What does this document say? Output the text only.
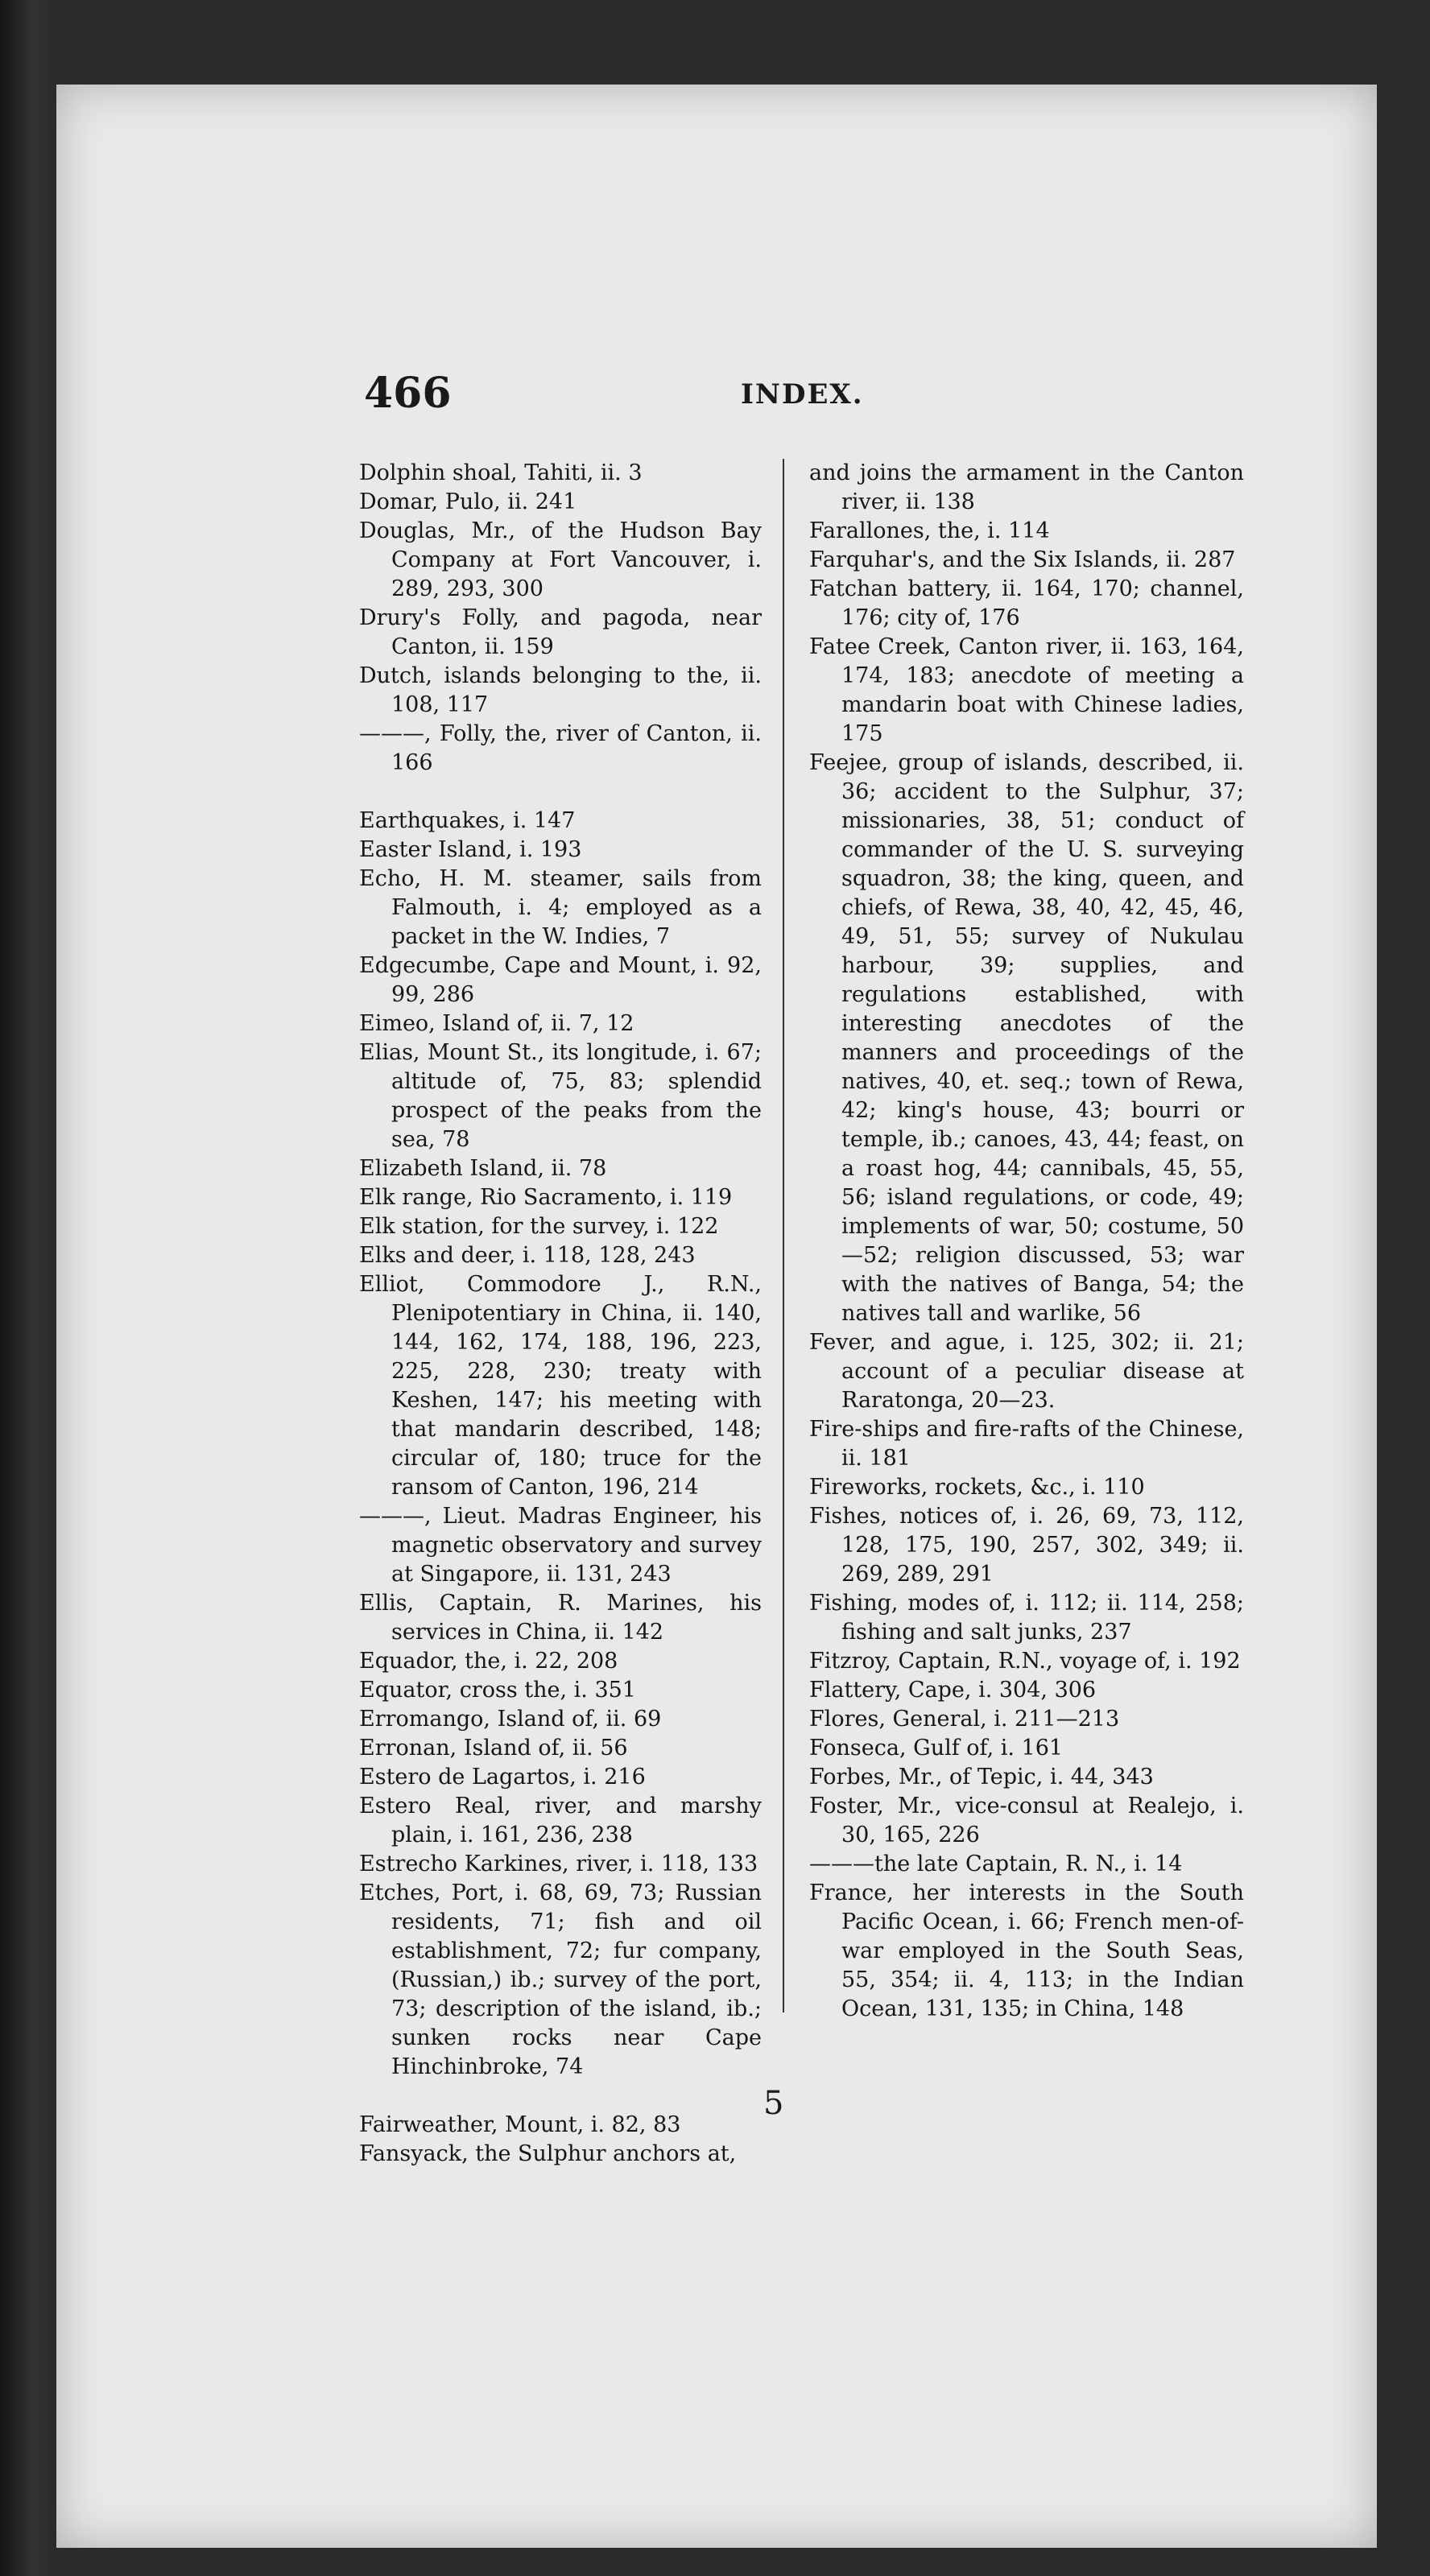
466	INDEX.
Dolphin shoal, Tahiti, ii. 3
Domar, Pulo, ii. 241
Douglas, Mr., of the Hudson Bay Company at Fort Vancouver, i. 289, 293, 300
Drury's Folly, and pagoda, near Canton, ii. 159
Dutch, islands belonging to the, ii. 108, 117
———, Folly, the, river of Canton, ii. 166
Earthquakes, i. 147
Easter Island, i. 193
Echo, H. M. steamer, sails from Falmouth, i. 4; employed as a packet in the W. Indies, 7
Edgecumbe, Cape and Mount, i. 92, 99, 286
Eimeo, Island of, ii. 7, 12
Elias, Mount St., its longitude, i. 67; altitude of, 75, 83; splendid prospect of the peaks from the sea, 78
Elizabeth Island, ii. 78
Elk range, Rio Sacramento, i. 119
Elk station, for the survey, i. 122
Elks and deer, i. 118, 128, 243
Elliot, Commodore J., R.N., Plenipotentiary in China, ii. 140, 144, 162, 174, 188, 196, 223, 225, 228, 230; treaty with Keshen, 147; his meeting with that mandarin described, 148; circular of, 180; truce for the ransom of Canton, 196, 214
———, Lieut. Madras Engineer, his magnetic observatory and survey at Singapore, ii. 131, 243
Ellis, Captain, R. Marines, his services in China, ii. 142
Equador, the, i. 22, 208
Equator, cross the, i. 351
Erromango, Island of, ii. 69
Erronan, Island of, ii. 56
Estero de Lagartos, i. 216
Estero Real, river, and marshy plain, i. 161, 236, 238
Estrecho Karkines, river, i. 118, 133
Etches, Port, i. 68, 69, 73; Russian residents, 71; fish and oil establishment, 72; fur company, (Russian,) ib.; survey of the port, 73; description of the island, ib.; sunken rocks near Cape Hinchinbroke, 74
Fairweather, Mount, i. 82, 83
Fansyack, the Sulphur anchors at,
and joins the armament in the Canton river, ii. 138
Farallones, the, i. 114
Farquhar's, and the Six Islands, ii. 287
Fatchan battery, ii. 164, 170; channel, 176; city of, 176
Fatee Creek, Canton river, ii. 163, 164, 174, 183; anecdote of meeting a mandarin boat with Chinese ladies, 175
Feejee, group of islands, described, ii. 36; accident to the Sulphur, 37; missionaries, 38, 51; conduct of commander of the U. S. surveying squadron, 38; the king, queen, and chiefs, of Rewa, 38, 40, 42, 45, 46, 49, 51, 55; survey of Nukulau harbour, 39; supplies, and regulations established, with interesting anecdotes of the manners and proceedings of the natives, 40, et. seq.; town of Rewa, 42; king's house, 43; bourri or temple, ib.; canoes, 43, 44; feast, on a roast hog, 44; cannibals, 45, 55, 56; island regulations, or code, 49; implements of war, 50; costume, 50—52; religion discussed, 53; war with the natives of Banga, 54; the natives tall and warlike, 56
Fever, and ague, i. 125, 302; ii. 21; account of a peculiar disease at Raratonga, 20—23.
Fire-ships and fire-rafts of the Chinese, ii. 181
Fireworks, rockets, &c., i. 110
Fishes, notices of, i. 26, 69, 73, 112, 128, 175, 190, 257, 302, 349; ii. 269, 289, 291
Fishing, modes of, i. 112; ii. 114, 258; fishing and salt junks, 237
Fitzroy, Captain, R.N., voyage of, i. 192
Flattery, Cape, i. 304, 306
Flores, General, i. 211—213
Fonseca, Gulf of, i. 161
Forbes, Mr., of Tepic, i. 44, 343
Foster, Mr., vice-consul at Realejo, i. 30, 165, 226
———the late Captain, R. N., i. 14
France, her interests in the South Pacific Ocean, i. 66; French men-of-war employed in the South Seas, 55, 354; ii. 4, 113; in the Indian Ocean, 131, 135; in China, 148
5
